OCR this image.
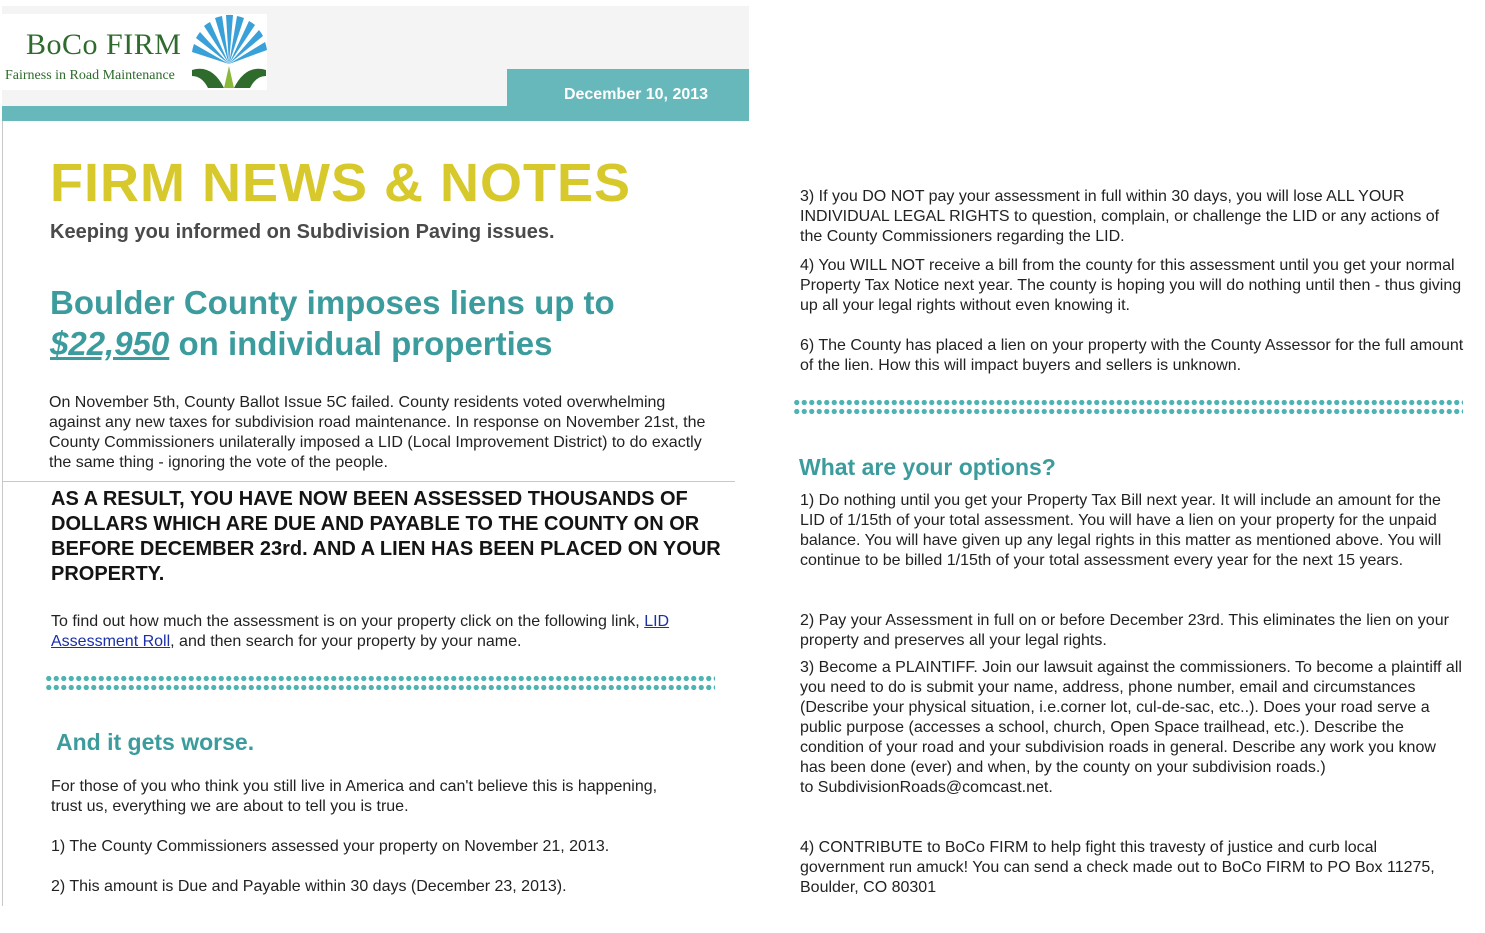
BoCo FIRM
Fairness in Road Maintenance
December 10, 2013
FIRM NEWS & NOTES
Keeping you informed on Subdivision Paving issues.
Boulder County imposes liens up to $22,950 on individual properties
On November 5th, County Ballot Issue 5C failed. County residents voted overwhelming against any new taxes for subdivision road maintenance. In response on November 21st, the County Commissioners unilaterally imposed a LID (Local Improvement District) to do exactly the same thing - ignoring the vote of the people.
AS A RESULT, YOU HAVE NOW BEEN ASSESSED THOUSANDS OF DOLLARS WHICH ARE DUE AND PAYABLE TO THE COUNTY ON OR BEFORE DECEMBER 23rd. AND A LIEN HAS BEEN PLACED ON YOUR PROPERTY.
To find out how much the assessment is on your property click on the following link, LID Assessment Roll, and then search for your property by your name.
And it gets worse.
For those of you who think you still live in America and can't believe this is happening, trust us, everything we are about to tell you is true.
1) The County Commissioners assessed your property on November 21, 2013.
2) This amount is Due and Payable within 30 days (December 23, 2013).
3) If you DO NOT pay your assessment in full within 30 days, you will lose ALL YOUR INDIVIDUAL LEGAL RIGHTS to question, complain, or challenge the LID or any actions of the County Commissioners regarding the LID.
4) You WILL NOT receive a bill from the county for this assessment until you get your normal Property Tax Notice next year. The county is hoping you will do nothing until then - thus giving up all your legal rights without even knowing it.
6) The County has placed a lien on your property with the County Assessor for the full amount of the lien. How this will impact buyers and sellers is unknown.
What are your options?
1) Do nothing until you get your Property Tax Bill next year. It will include an amount for the LID of 1/15th of your total assessment. You will have a lien on your property for the unpaid balance. You will have given up any legal rights in this matter as mentioned above. You will continue to be billed 1/15th of your total assessment every year for the next 15 years.
2) Pay your Assessment in full on or before December 23rd. This eliminates the lien on your property and preserves all your legal rights.
3) Become a PLAINTIFF. Join our lawsuit against the commissioners. To become a plaintiff all you need to do is submit your name, address, phone number, email and circumstances (Describe your physical situation, i.e.corner lot, cul-de-sac, etc..). Does your road serve a public purpose (accesses a school, church, Open Space trailhead, etc.). Describe the condition of your road and your subdivision roads in general. Describe any work you know has been done (ever) and when, by the county on your subdivision roads.)
to SubdivisionRoads@comcast.net.
4) CONTRIBUTE to BoCo FIRM to help fight this travesty of justice and curb local government run amuck! You can send a check made out to BoCo FIRM to PO Box 11275, Boulder, CO 80301
